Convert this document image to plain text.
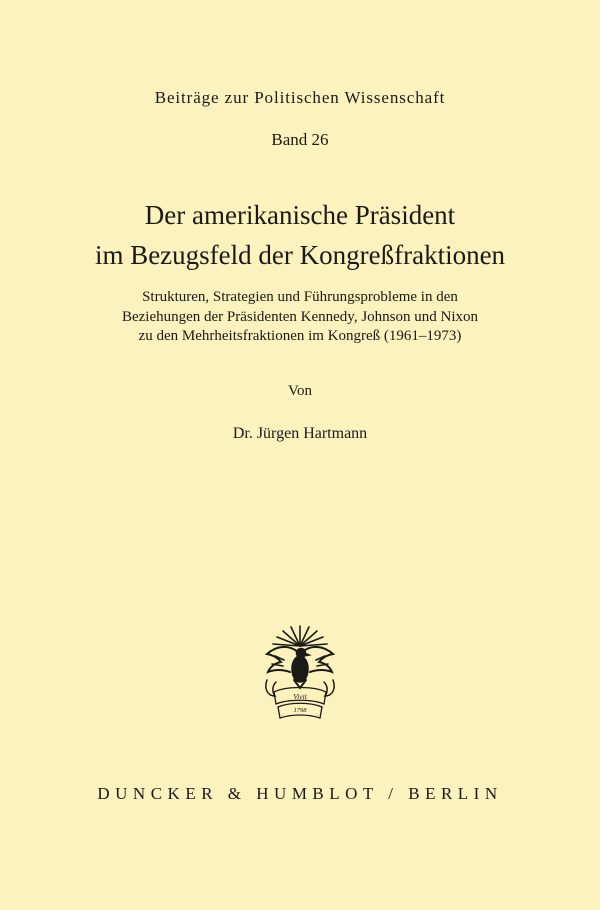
Beiträge zur Politischen Wissenschaft
Band 26
Der amerikanische Präsident
im Bezugsfeld der Kongreßfraktionen
Strukturen, Strategien und Führungsprobleme in den
Beziehungen der Präsidenten Kennedy, Johnson und Nixon
zu den Mehrheitsfraktionen im Kongreß (1961–1973)
Von
Dr. Jürgen Hartmann
Vivit
1798
DUNCKER & HUMBLOT / BERLIN
